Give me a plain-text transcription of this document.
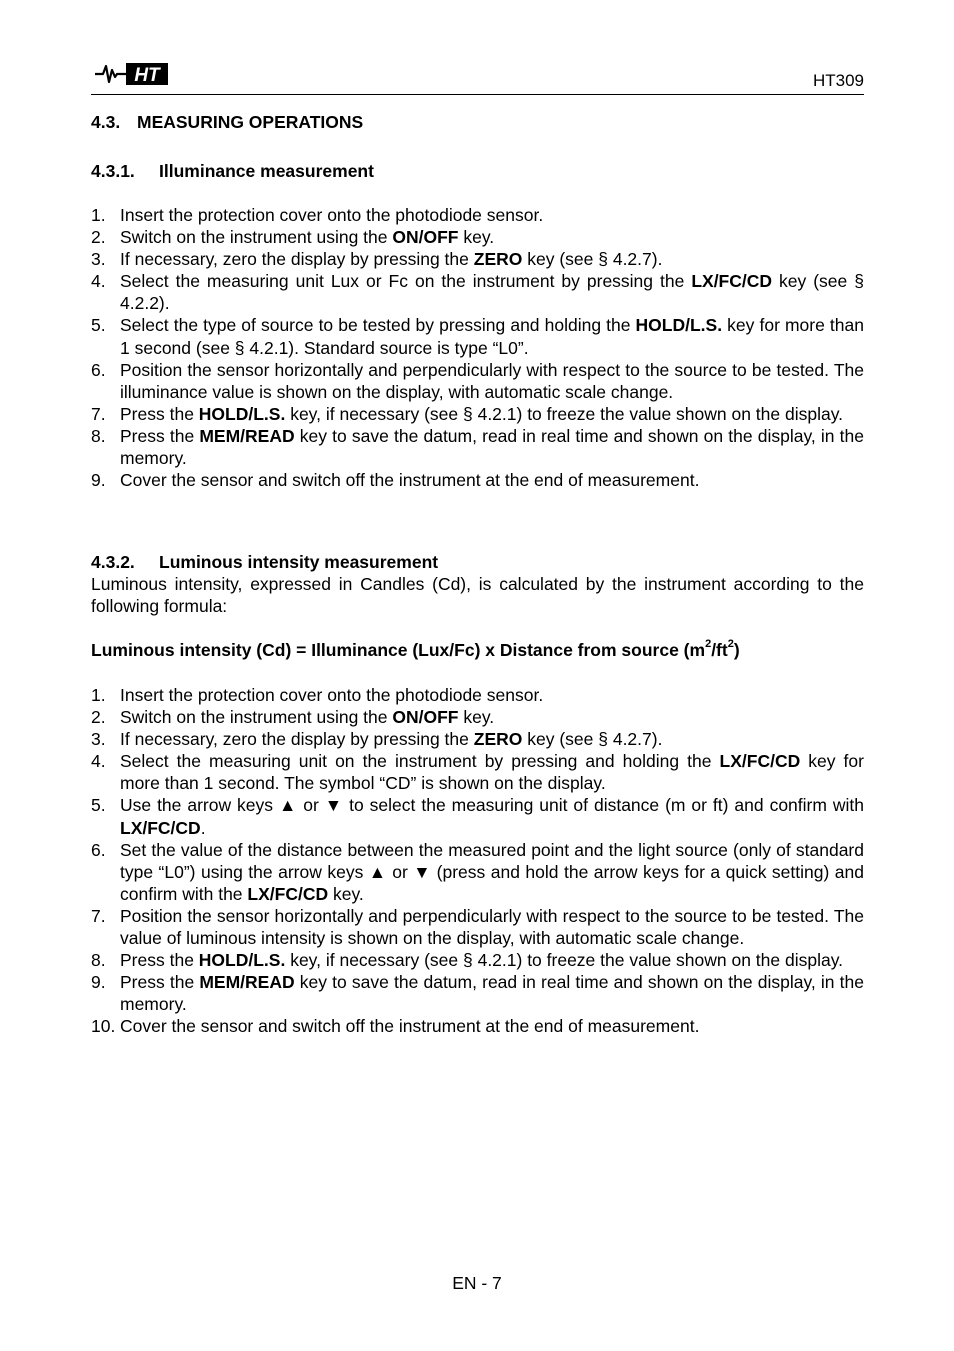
HT	HT309
4.3. MEASURING OPERATIONS
4.3.1. Illuminance measurement
1. Insert the protection cover onto the photodiode sensor.
2. Switch on the instrument using the ON/OFF key.
3. If necessary, zero the display by pressing the ZERO key (see § 4.2.7).
4. Select the measuring unit Lux or Fc on the instrument by pressing the LX/FC/CD key (see § 4.2.2).
5. Select the type of source to be tested by pressing and holding the HOLD/L.S. key for more than 1 second (see § 4.2.1). Standard source is type “L0”.
6. Position the sensor horizontally and perpendicularly with respect to the source to be tested. The illuminance value is shown on the display, with automatic scale change.
7. Press the HOLD/L.S. key, if necessary (see § 4.2.1) to freeze the value shown on the display.
8. Press the MEM/READ key to save the datum, read in real time and shown on the display, in the memory.
9. Cover the sensor and switch off the instrument at the end of measurement.
4.3.2. Luminous intensity measurement

Luminous intensity, expressed in Candles (Cd), is calculated by the instrument according to the following formula:

Luminous intensity (Cd) = Illuminance (Lux/Fc) x Distance from source $(m^2/ft^2)$
1. Insert the protection cover onto the photodiode sensor.
2. Switch on the instrument using the ON/OFF key.
3. If necessary, zero the display by pressing the ZERO key (see § 4.2.7).
4. Select the measuring unit on the instrument by pressing and holding the LX/FC/CD key for more than 1 second. The symbol “CD” is shown on the display.
5. Use the arrow keys ▲ or ▼ to select the measuring unit of distance (m or ft) and confirm with LX/FC/CD.
6. Set the value of the distance between the measured point and the light source (only of standard type “L0”) using the arrow keys ▲ or ▼ (press and hold the arrow keys for a quick setting) and confirm with the LX/FC/CD key.
7. Position the sensor horizontally and perpendicularly with respect to the source to be tested. The value of luminous intensity is shown on the display, with automatic scale change.
8. Press the HOLD/L.S. key, if necessary (see § 4.2.1) to freeze the value shown on the display.
9. Press the MEM/READ key to save the datum, read in real time and shown on the display, in the memory.
10. Cover the sensor and switch off the instrument at the end of measurement.
EN - 7
